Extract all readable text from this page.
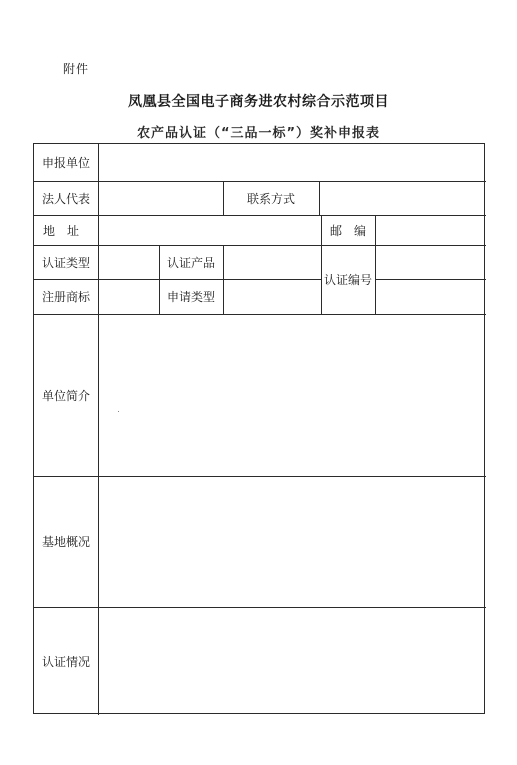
附件
凤凰县全国电子商务进农村综合示范项目
农产品认证（“三品一标”）奖补申报表
申报单位
法人代表	联系方式
地　址	邮　编
认证类型	认证产品
认证编号
注册商标	申请类型
单位简介
基地概况
认证情况
